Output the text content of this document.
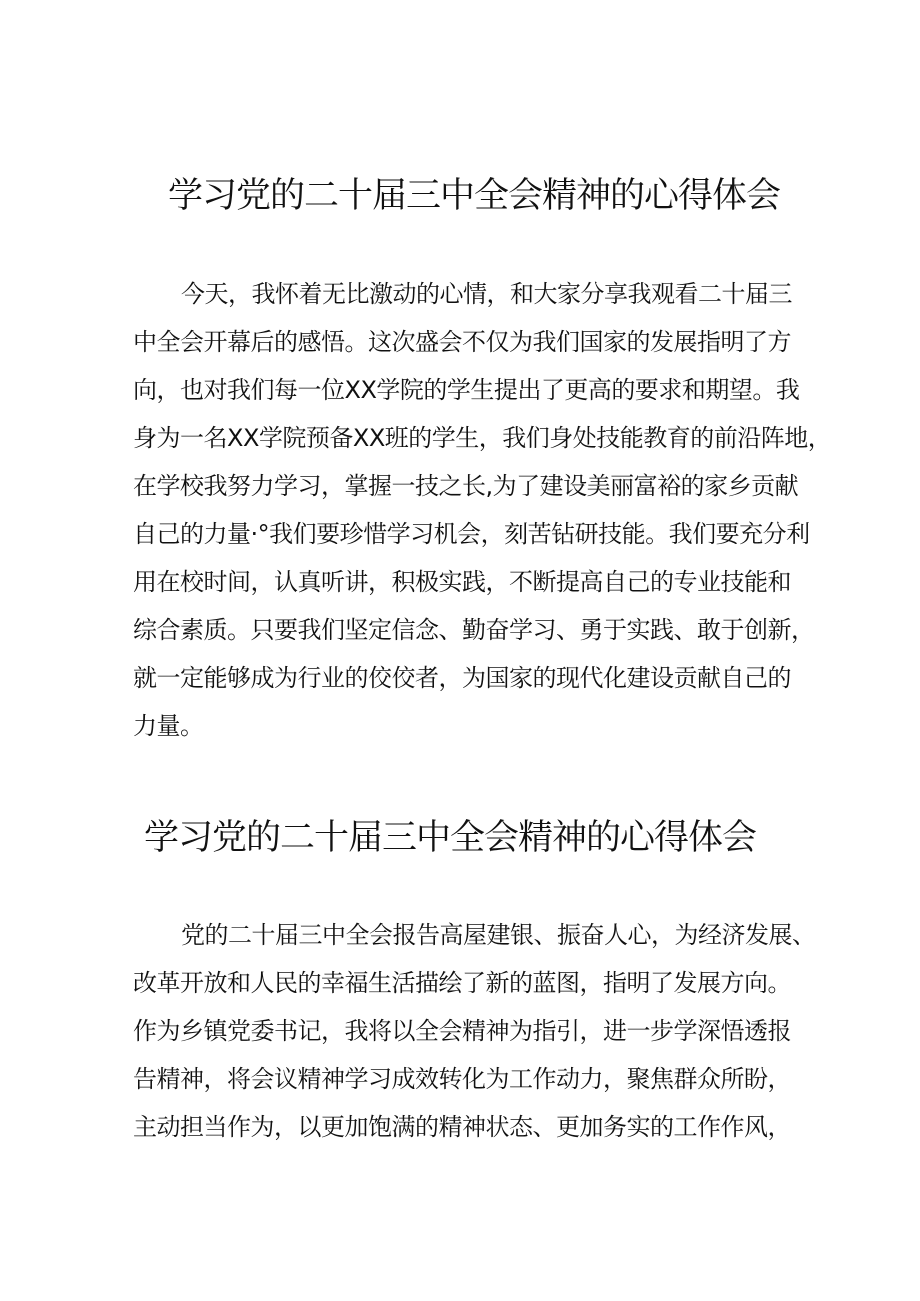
学习党的二十届三中全会精神的心得体会
今天，我怀着无比激动的心情，和大家分享我观看二十届三
中全会开幕后的感悟。这次盛会不仅为我们国家的发展指明了方
向，也对我们每一位XX学院的学生提出了更高的要求和期望。我
身为一名XX学院预备XX班的学生，我们身处技能教育的前沿阵地，
在学校我努力学习，掌握一技之长,为了建设美丽富裕的家乡贡献
自己的力量·°我们要珍惜学习机会，刻苦钻研技能。我们要充分利
用在校时间，认真听讲，积极实践，不断提高自己的专业技能和
综合素质。只要我们坚定信念、勤奋学习、勇于实践、敢于创新，
就一定能够成为行业的佼佼者，为国家的现代化建设贡献自己的
力量。
学习党的二十届三中全会精神的心得体会
党的二十届三中全会报告高屋建银、振奋人心，为经济发展、
改革开放和人民的幸福生活描绘了新的蓝图，指明了发展方向。
作为乡镇党委书记，我将以全会精神为指引，进一步学深悟透报
告精神，将会议精神学习成效转化为工作动力，聚焦群众所盼，
主动担当作为，以更加饱满的精神状态、更加务实的工作作风，
